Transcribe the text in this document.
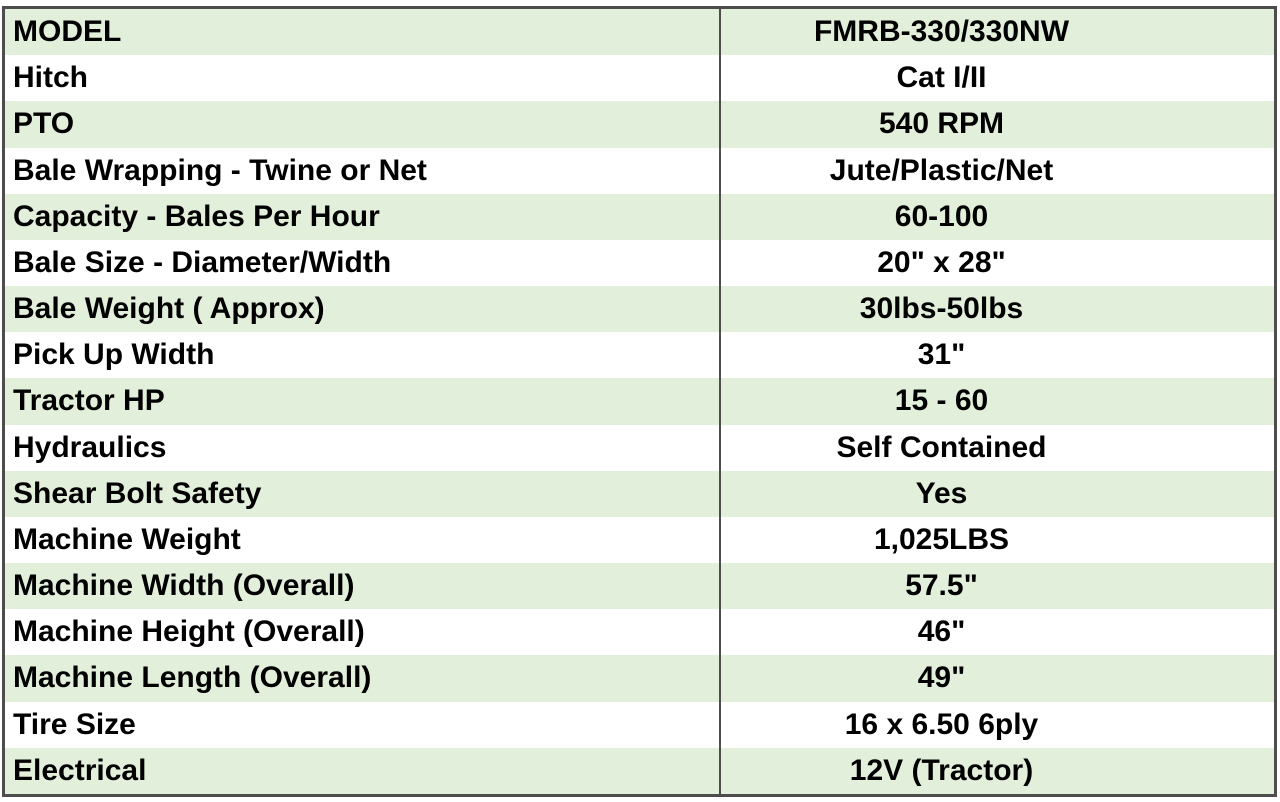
MODEL	FMRB-330/330NW
Hitch	Cat I/II
PTO	540 RPM
Bale Wrapping - Twine or Net	Jute/Plastic/Net
Capacity - Bales Per Hour	60-100
Bale Size - Diameter/Width	20" x 28"
Bale Weight ( Approx)	30lbs-50lbs
Pick Up Width	31"
Tractor HP	15 - 60
Hydraulics	Self Contained
Shear Bolt Safety	Yes
Machine Weight	1,025LBS
Machine Width (Overall)	57.5"
Machine Height (Overall)	46"
Machine Length (Overall)	49"
Tire Size	16 x 6.50 6ply
Electrical	12V (Tractor)
